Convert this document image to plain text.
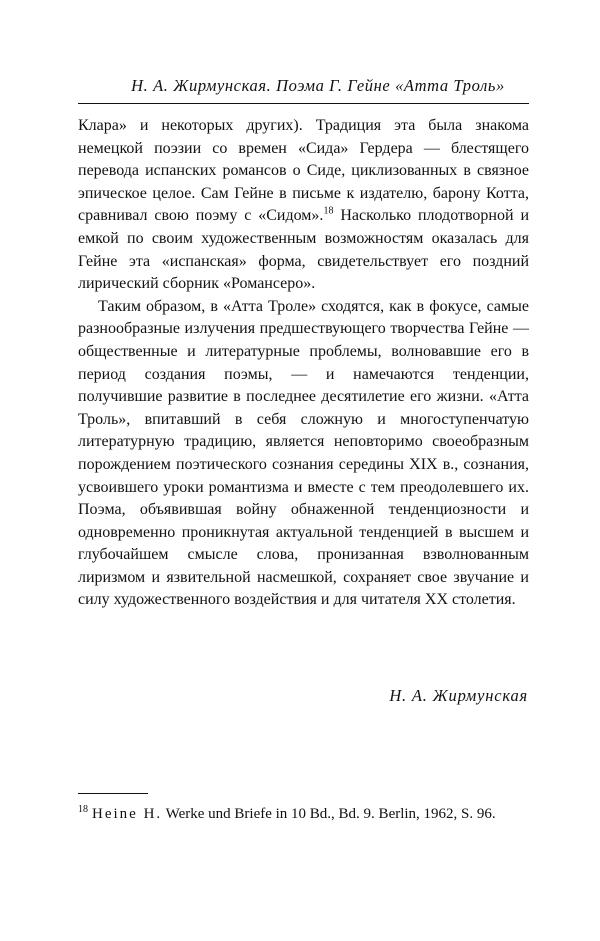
Н. А. Жирмунская. Поэма Г. Гейне «Атта Троль»

Клара» и некоторых других). Традиция эта была знакома немецкой поэзии со времен «Сида» Гердера — блестящего перевода испанских романсов о Сиде, циклизованных в связное эпическое целое. Сам Гейне в письме к издателю, барону Котта, сравнивал свою поэму с «Сидом».$^{18}$ Насколько плодотворной и емкой по своим художественным возможностям оказалась для Гейне эта «испанская» форма, свидетельствует его поздний лирический сборник «Романсеро».

Таким образом, в «Атта Троле» сходятся, как в фокусе, самые разнообразные излучения предшествующего творчества Гейне — общественные и литературные проблемы, волновавшие его в период создания поэмы, — и намечаются тенденции, получившие развитие в последнее десятилетие его жизни. «Атта Троль», впитавший в себя сложную и многоступенчатую литературную традицию, является неповторимо своеобразным порождением поэтического сознания середины XIX в., сознания, усвоившего уроки романтизма и вместе с тем преодолевшего их. Поэма, объявившая войну обнаженной тенденциозности и одновременно проникнутая актуальной тенденцией в высшем и глубочайшем смысле слова, пронизанная взволнованным лиризмом и язвительной насмешкой, сохраняет свое звучание и силу художественного воздействия и для читателя XX столетия.

Н. А. Жирмунская
$^{18}$ Heine H. Werke und Briefe in 10 Bd., Bd. 9. Berlin, 1962, S. 96.
